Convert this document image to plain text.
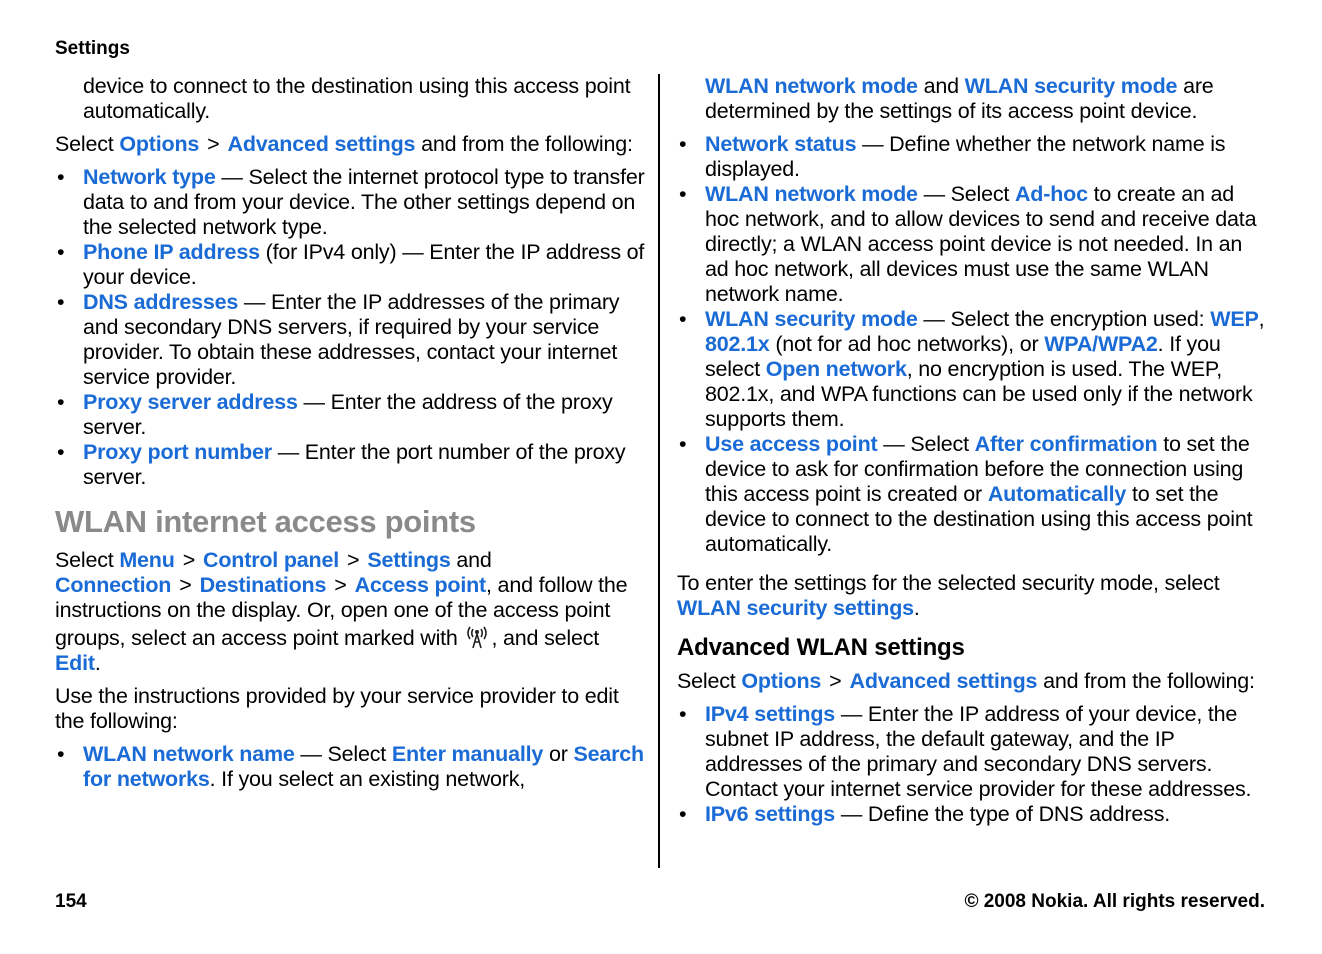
Settings

device to connect to the destination using this access point automatically.

Select Options > Advanced settings and from the following:

• Network type — Select the internet protocol type to transfer data to and from your device. The other settings depend on the selected network type.
• Phone IP address (for IPv4 only) — Enter the IP address of your device.
• DNS addresses — Enter the IP addresses of the primary and secondary DNS servers, if required by your service provider. To obtain these addresses, contact your internet service provider.
• Proxy server address — Enter the address of the proxy server.
• Proxy port number — Enter the port number of the proxy server.
WLAN internet access points

Select Menu > Control panel > Settings and Connection > Destinations > Access point, and follow the instructions on the display. Or, open one of the access point groups, select an access point marked with , and select Edit.

Use the instructions provided by your service provider to edit the following:

• WLAN network name — Select Enter manually or Search for networks. If you select an existing network,

WLAN network mode and WLAN security mode are determined by the settings of its access point device.

• Network status — Define whether the network name is displayed.
• WLAN network mode — Select Ad-hoc to create an ad hoc network, and to allow devices to send and receive data directly; a WLAN access point device is not needed. In an ad hoc network, all devices must use the same WLAN network name.
• WLAN security mode — Select the encryption used: WEP, 802.1x (not for ad hoc networks), or WPA/WPA2. If you select Open network, no encryption is used. The WEP, 802.1x, and WPA functions can be used only if the network supports them.
• Use access point — Select After confirmation to set the device to ask for confirmation before the connection using this access point is created or Automatically to set the device to connect to the destination using this access point automatically.

To enter the settings for the selected security mode, select WLAN security settings.

Advanced WLAN settings

Select Options > Advanced settings and from the following:

• IPv4 settings — Enter the IP address of your device, the subnet IP address, the default gateway, and the IP addresses of the primary and secondary DNS servers. Contact your internet service provider for these addresses.
• IPv6 settings — Define the type of DNS address.
154	© 2008 Nokia. All rights reserved.
